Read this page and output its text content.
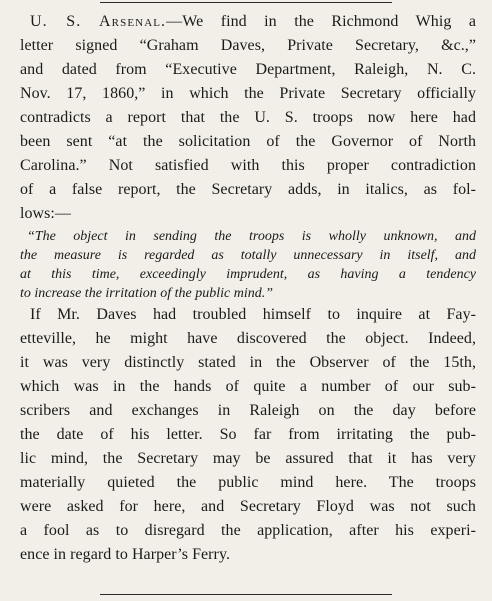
U. S. Arsenal.—We find in the Richmond Whig a
letter signed “Graham Daves, Private Secretary, &c.,”
and dated from “Executive Department, Raleigh, N. C.
Nov. 17, 1860,” in which the Private Secretary officially
contradicts a report that the U. S. troops now here had
been sent “at the solicitation of the Governor of North
Carolina.” Not satisfied with this proper contradiction
of a false report, the Secretary adds, in italics, as fol-
lows:—
“The object in sending the troops is wholly unknown, and
the measure is regarded as totally unnecessary in itself, and
at this time, exceedingly imprudent, as having a tendency
to increase the irritation of the public mind.”
If Mr. Daves had troubled himself to inquire at Fay-
etteville, he might have discovered the object. Indeed,
it was very distinctly stated in the Observer of the 15th,
which was in the hands of quite a number of our sub-
scribers and exchanges in Raleigh on the day before
the date of his letter. So far from irritating the pub-
lic mind, the Secretary may be assured that it has very
materially quieted the public mind here. The troops
were asked for here, and Secretary Floyd was not such
a fool as to disregard the application, after his experi-
ence in regard to Harper’s Ferry.
